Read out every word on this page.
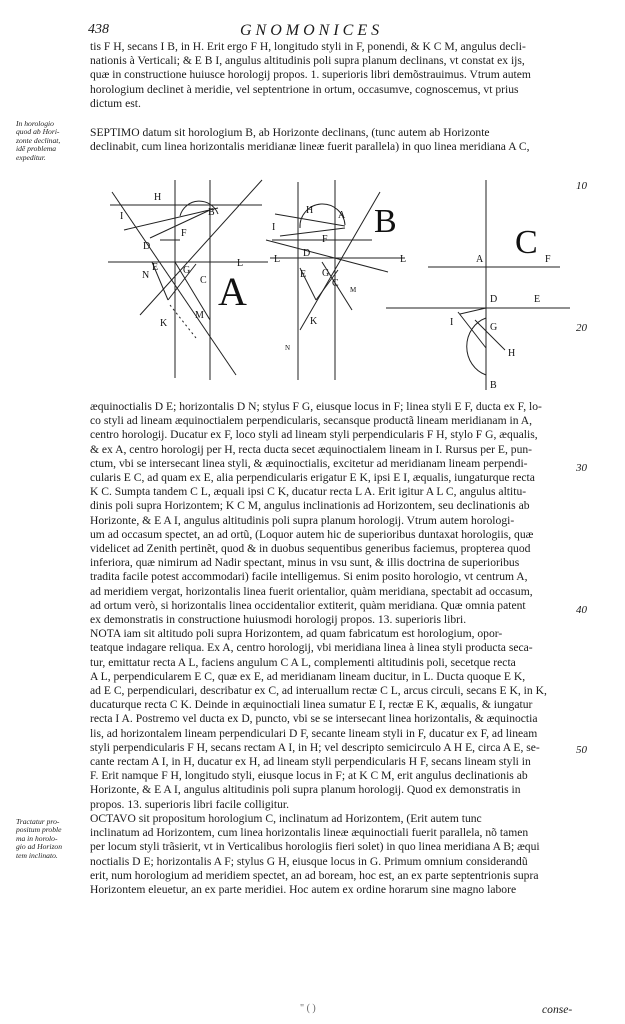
438	GNOMONICES
tis F H, secans I B, in H. Erit ergo F H, longitudo styli in F, ponendi, & K C M, angulus decli-
nationis à Verticali; & E B I, angulus altitudinis poli supra planum declinans, vt constat ex ijs,
quæ in constructione huiusce horologij propos. 1. superioris libri demõstrauimus. Vtrum autem
horologium declinet à meridie, vel septentrione in ortum, occasumve, cognoscemus, vt prius
dictum est.
In horologio
quod ab Hori-
zonte declinat,
idē problema
expeditur.
SEPTIMO datum sit horologium B, ab Horizonte declinans, (tunc autem ab Horizonte
declinabit, cum linea horizontalis meridianæ lineæ fuerit parallela) in quo linea meridiana A C,
10
20
30
40
50
A
B
C
I
H
B
F
D
E G
C
N
K
M
L
I
H A
F
D
L
E G
C
K
M
N
L	A	F
D	E
I	G
H
B
æquinoctialis D E; horizontalis D N; stylus F G, eiusque locus in F; linea styli E F, ducta ex F, lo-
co styli ad lineam æquinoctialem perpendicularis, secansque productã lineam meridianam in A,
centro horologij. Ducatur ex F, loco styli ad lineam styli perpendicularis F H, stylo F G, æqualis,
& ex A, centro horologij per H, recta ducta secet æquinoctialem lineam in I. Rursus per E, pun-
ctum, vbi se intersecant linea styli, & æquinoctialis, excitetur ad meridianam lineam perpendi-
cularis E C, ad quam ex E, alia perpendicularis erigatur E K, ipsi E I, æqualis, iungaturque recta
K C. Sumpta tandem C L, æquali ipsi C K, ducatur recta L A. Erit igitur A L C, angulus altitu-
dinis poli supra Horizontem; K C M, angulus inclinationis ad Horizontem, seu declinationis ab
Horizonte, & E A I, angulus altitudinis poli supra planum horologij. Vtrum autem horologi-
um ad occasum spectet, an ad ortũ, (Loquor autem hic de superioribus duntaxat horologiis, quæ
videlicet ad Zenith pertinẽt, quod & in duobus sequentibus generibus faciemus, propterea quod
inferiora, quæ nimirum ad Nadir spectant, minus in vsu sunt, & illis doctrina de superioribus
tradita facile potest accommodari) facile intelligemus. Si enim posito horologio, vt centrum A,
ad meridiem vergat, horizontalis linea fuerit orientalior, quàm meridiana, spectabit ad occasum,
ad ortum verò, si horizontalis linea occidentalior extiterit, quàm meridiana. Quæ omnia patent
ex demonstratis in constructione huiusmodi horologij propos. 13. superioris libri.
NOTA iam sit altitudo poli supra Horizontem, ad quam fabricatum est horologium, opor-
teatque indagare reliqua. Ex A, centro horologij, vbi meridiana linea à linea styli producta seca-
tur, emittatur recta A L, faciens angulum C A L, complementi altitudinis poli, secetque recta
A L, perpendicularem E C, quæ ex E, ad meridianam lineam ducitur, in L. Ducta quoque E K,
ad E C, perpendiculari, describatur ex C, ad interuallum rectæ C L, arcus circuli, secans E K, in K,
ducaturque recta C K. Deinde in æquinoctiali linea sumatur E I, rectæ E K, æqualis, & iungatur
recta I A. Postremo vel ducta ex D, puncto, vbi se se intersecant linea horizontalis, & æquinoctia
lis, ad horizontalem lineam perpendiculari D F, secante lineam styli in F, ducatur ex F, ad lineam
styli perpendicularis F H, secans rectam A I, in H; vel descripto semicirculo A H E, circa A E, se-
cante rectam A I, in H, ducatur ex H, ad lineam styli perpendicularis H F, secans lineam styli in
F. Erit namque F H, longitudo styli, eiusque locus in F; at K C M, erit angulus declinationis ab
Horizonte, & E A I, angulus altitudinis poli supra planum horologij. Quod ex demonstratis in
propos. 13. superioris libri facile colligitur.
OCTAVO sit propositum horologium C, inclinatum ad Horizontem, (Erit autem tunc
inclinatum ad Horizontem, cum linea horizontalis lineæ æquinoctiali fuerit parallela, nõ tamen
per locum styli trãsierit, vt in Verticalibus horologiis fieri solet) in quo linea meridiana A B; æqui
noctialis D E; horizontalis A F; stylus G H, eiusque locus in G. Primum omnium considerandũ
erit, num horologium ad meridiem spectet, an ad boream, hoc est, an ex parte septentrionis supra
Horizontem eleuetur, an ex parte meridiei. Hoc autem ex ordine horarum sine magno labore
Tractatur pro-
positum proble
ma in horolo-
gio ad Horizon
tem inclinato.
" ( )	conse-
